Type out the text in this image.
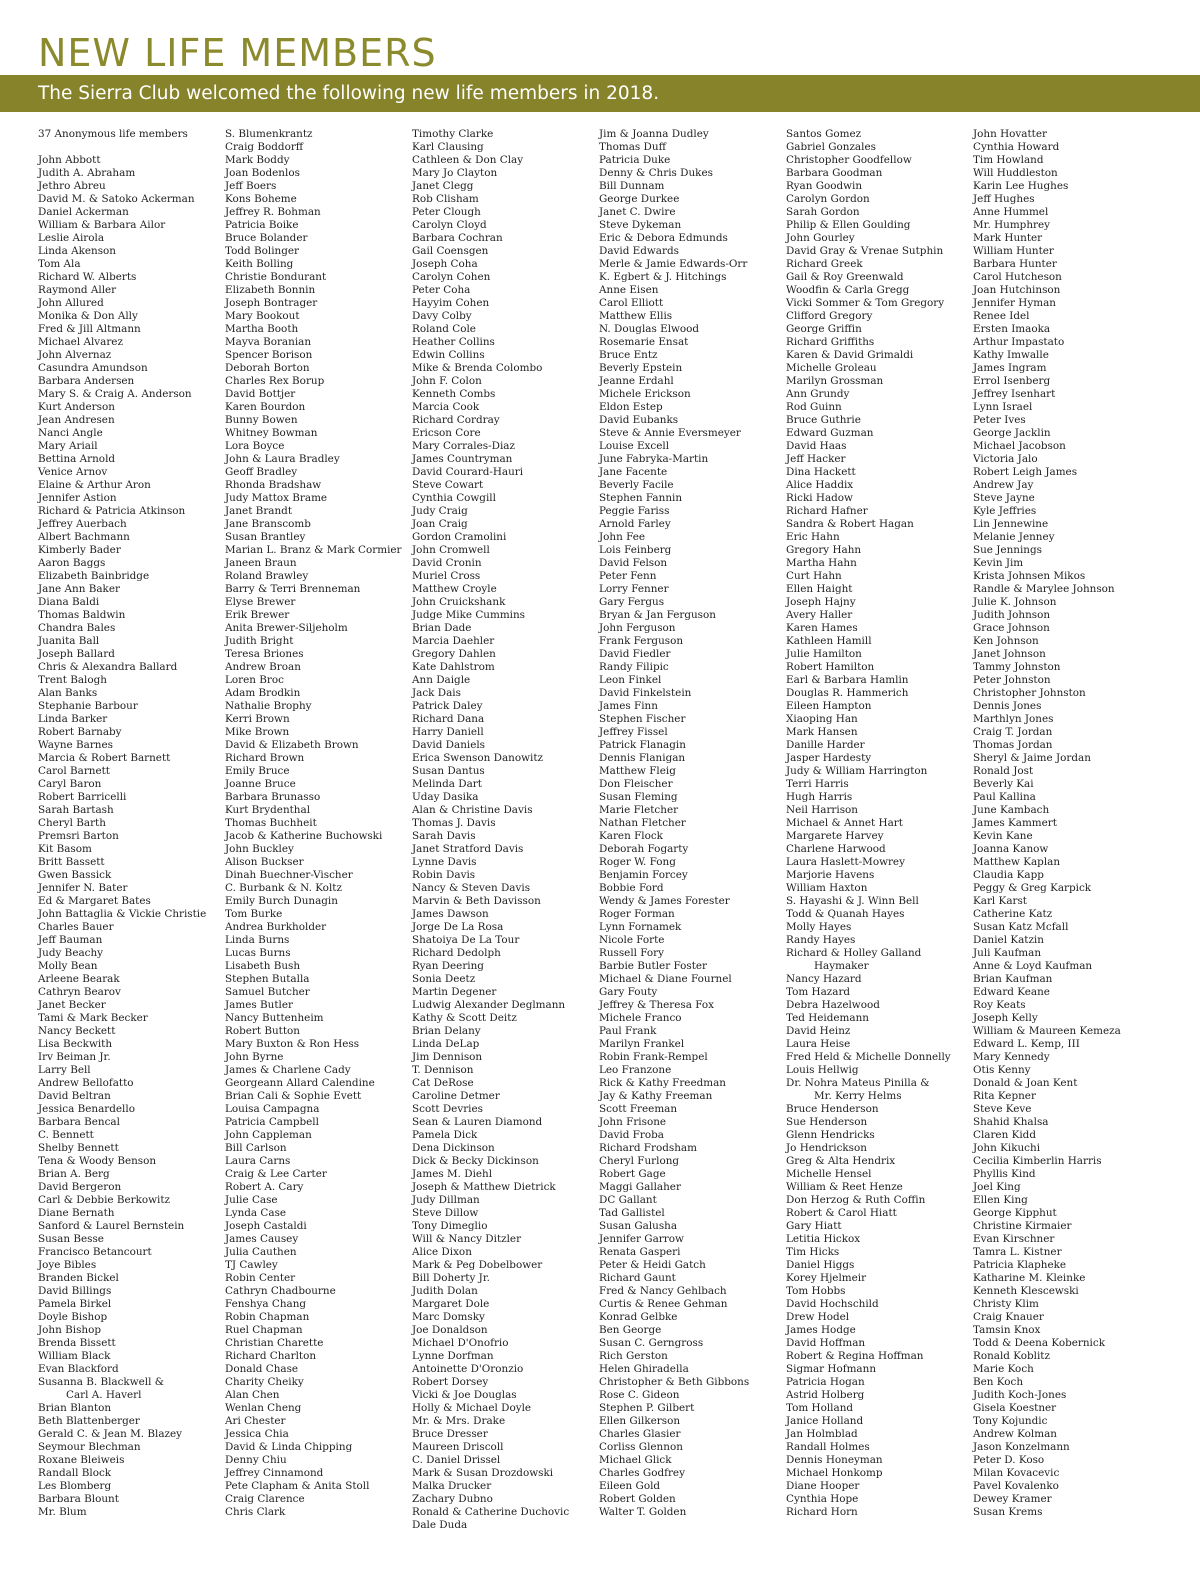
NEW LIFE MEMBERS
The Sierra Club welcomed the following new life members in 2018.
37 Anonymous life members
John Abbott
Judith A. Abraham
Jethro Abreu
David M. & Satoko Ackerman
Daniel Ackerman
William & Barbara Ailor
Leslie Airola
Linda Akenson
Tom Ala
Richard W. Alberts
Raymond Aller
John Allured
Monika & Don Ally
Fred & Jill Altmann
Michael Alvarez
John Alvernaz
Casundra Amundson
Barbara Andersen
Mary S. & Craig A. Anderson
Kurt Anderson
Jean Andresen
Nanci Angle
Mary Ariail
Bettina Arnold
Venice Arnov
Elaine & Arthur Aron
Jennifer Astion
Richard & Patricia Atkinson
Jeffrey Auerbach
Albert Bachmann
Kimberly Bader
Aaron Baggs
Elizabeth Bainbridge
Jane Ann Baker
Diana Baldi
Thomas Baldwin
Chandra Bales
Juanita Ball
Joseph Ballard
Chris & Alexandra Ballard
Trent Balogh
Alan Banks
Stephanie Barbour
Linda Barker
Robert Barnaby
Wayne Barnes
Marcia & Robert Barnett
Carol Barnett
Caryl Baron
Robert Barricelli
Sarah Bartash
Cheryl Barth
Premsri Barton
Kit Basom
Britt Bassett
Gwen Bassick
Jennifer N. Bater
Ed & Margaret Bates
John Battaglia & Vickie Christie
Charles Bauer
Jeff Bauman
Judy Beachy
Molly Bean
Arleene Bearak
Cathryn Bearov
Janet Becker
Tami & Mark Becker
Nancy Beckett
Lisa Beckwith
Irv Beiman Jr.
Larry Bell
Andrew Bellofatto
David Beltran
Jessica Benardello
Barbara Bencal
C. Bennett
Shelby Bennett
Tena & Woody Benson
Brian A. Berg
David Bergeron
Carl & Debbie Berkowitz
Diane Bernath
Sanford & Laurel Bernstein
Susan Besse
Francisco Betancourt
Joye Bibles
Branden Bickel
David Billings
Pamela Birkel
Doyle Bishop
John Bishop
Brenda Bissett
William Black
Evan Blackford
Susanna B. Blackwell &
Carl A. Haverl
Brian Blanton
Beth Blattenberger
Gerald C. & Jean M. Blazey
Seymour Blechman
Roxane Bleiweis
Randall Block
Les Blomberg
Barbara Blount
Mr. Blum
S. Blumenkrantz
Craig Boddorff
Mark Boddy
Joan Bodenlos
Jeff Boers
Kons Boheme
Jeffrey R. Bohman
Patricia Boike
Bruce Bolander
Todd Bolinger
Keith Bolling
Christie Bondurant
Elizabeth Bonnin
Joseph Bontrager
Mary Bookout
Martha Booth
Mayva Boranian
Spencer Borison
Deborah Borton
Charles Rex Borup
David Bottjer
Karen Bourdon
Bunny Bowen
Whitney Bowman
Lora Boyce
John & Laura Bradley
Geoff Bradley
Rhonda Bradshaw
Judy Mattox Brame
Janet Brandt
Jane Branscomb
Susan Brantley
Marian L. Branz & Mark Cormier
Janeen Braun
Roland Brawley
Barry & Terri Brenneman
Elyse Brewer
Erik Brewer
Anita Brewer-Siljeholm
Judith Bright
Teresa Briones
Andrew Broan
Loren Broc
Adam Brodkin
Nathalie Brophy
Kerri Brown
Mike Brown
David & Elizabeth Brown
Richard Brown
Emily Bruce
Joanne Bruce
Barbara Brunasso
Kurt Brydenthal
Thomas Buchheit
Jacob & Katherine Buchowski
John Buckley
Alison Buckser
Dinah Buechner-Vischer
C. Burbank & N. Koltz
Emily Burch Dunagin
Tom Burke
Andrea Burkholder
Linda Burns
Lucas Burns
Lisabeth Bush
Stephen Butalla
Samuel Butcher
James Butler
Nancy Buttenheim
Robert Button
Mary Buxton & Ron Hess
John Byrne
James & Charlene Cady
Georgeann Allard Calendine
Brian Cali & Sophie Evett
Louisa Campagna
Patricia Campbell
John Cappleman
Bill Carlson
Laura Carns
Craig & Lee Carter
Robert A. Cary
Julie Case
Lynda Case
Joseph Castaldi
James Causey
Julia Cauthen
TJ Cawley
Robin Center
Cathryn Chadbourne
Fenshya Chang
Robin Chapman
Ruel Chapman
Christian Charette
Richard Charlton
Donald Chase
Charity Cheiky
Alan Chen
Wenlan Cheng
Ari Chester
Jessica Chia
David & Linda Chipping
Denny Chiu
Jeffrey Cinnamond
Pete Clapham & Anita Stoll
Craig Clarence
Chris Clark
Timothy Clarke
Karl Clausing
Cathleen & Don Clay
Mary Jo Clayton
Janet Clegg
Rob Clisham
Peter Clough
Carolyn Cloyd
Barbara Cochran
Gail Coensgen
Joseph Coha
Carolyn Cohen
Peter Coha
Hayyim Cohen
Davy Colby
Roland Cole
Heather Collins
Edwin Collins
Mike & Brenda Colombo
John F. Colon
Kenneth Combs
Marcia Cook
Richard Cordray
Ericson Core
Mary Corrales-Diaz
James Countryman
David Courard-Hauri
Steve Cowart
Cynthia Cowgill
Judy Craig
Joan Craig
Gordon Cramolini
John Cromwell
David Cronin
Muriel Cross
Matthew Croyle
John Cruickshank
Judge Mike Cummins
Brian Dade
Marcia Daehler
Gregory Dahlen
Kate Dahlstrom
Ann Daigle
Jack Dais
Patrick Daley
Richard Dana
Harry Daniell
David Daniels
Erica Swenson Danowitz
Susan Dantus
Melinda Dart
Uday Dasika
Alan & Christine Davis
Thomas J. Davis
Sarah Davis
Janet Stratford Davis
Lynne Davis
Robin Davis
Nancy & Steven Davis
Marvin & Beth Davisson
James Dawson
Jorge De La Rosa
Shatoiya De La Tour
Richard Dedolph
Ryan Deering
Sonia Deetz
Martin Degener
Ludwig Alexander Deglmann
Kathy & Scott Deitz
Brian Delany
Linda DeLap
Jim Dennison
T. Dennison
Cat DeRose
Caroline Detmer
Scott Devries
Sean & Lauren Diamond
Pamela Dick
Dena Dickinson
Dick & Becky Dickinson
James M. Diehl
Joseph & Matthew Dietrick
Judy Dillman
Steve Dillow
Tony Dimeglio
Will & Nancy Ditzler
Alice Dixon
Mark & Peg Dobelbower
Bill Doherty Jr.
Judith Dolan
Margaret Dole
Marc Domsky
Joe Donaldson
Michael D'Onofrio
Lynne Dorfman
Antoinette D'Oronzio
Robert Dorsey
Vicki & Joe Douglas
Holly & Michael Doyle
Mr. & Mrs. Drake
Bruce Dresser
Maureen Driscoll
C. Daniel Drissel
Mark & Susan Drozdowski
Malka Drucker
Zachary Dubno
Ronald & Catherine Duchovic
Dale Duda
Jim & Joanna Dudley
Thomas Duff
Patricia Duke
Denny & Chris Dukes
Bill Dunnam
George Durkee
Janet C. Dwire
Steve Dykeman
Eric & Debora Edmunds
David Edwards
Merle & Jamie Edwards-Orr
K. Egbert & J. Hitchings
Anne Eisen
Carol Elliott
Matthew Ellis
N. Douglas Elwood
Rosemarie Ensat
Bruce Entz
Beverly Epstein
Jeanne Erdahl
Michele Erickson
Eldon Estep
David Eubanks
Steve & Annie Eversmeyer
Louise Excell
June Fabryka-Martin
Jane Facente
Beverly Facile
Stephen Fannin
Peggie Fariss
Arnold Farley
John Fee
Lois Feinberg
David Felson
Peter Fenn
Lorry Fenner
Gary Fergus
Bryan & Jan Ferguson
John Ferguson
Frank Ferguson
David Fiedler
Randy Filipic
Leon Finkel
David Finkelstein
James Finn
Stephen Fischer
Jeffrey Fissel
Patrick Flanagin
Dennis Flanigan
Matthew Fleig
Don Fleischer
Susan Fleming
Marie Fletcher
Nathan Fletcher
Karen Flock
Deborah Fogarty
Roger W. Fong
Benjamin Forcey
Bobbie Ford
Wendy & James Forester
Roger Forman
Lynn Fornamek
Nicole Forte
Russell Fory
Barbie Butler Foster
Michael & Diane Fournel
Gary Fouty
Jeffrey & Theresa Fox
Michele Franco
Paul Frank
Marilyn Frankel
Robin Frank-Rempel
Leo Franzone
Rick & Kathy Freedman
Jay & Kathy Freeman
Scott Freeman
John Frisone
David Froba
Richard Frodsham
Cheryl Furlong
Robert Gage
Maggi Gallaher
DC Gallant
Tad Gallistel
Susan Galusha
Jennifer Garrow
Renata Gasperi
Peter & Heidi Gatch
Richard Gaunt
Fred & Nancy Gehlbach
Curtis & Renee Gehman
Konrad Gelbke
Ben George
Susan C. Gerngross
Rich Gerston
Helen Ghiradella
Christopher & Beth Gibbons
Rose C. Gideon
Stephen P. Gilbert
Ellen Gilkerson
Charles Glasier
Corliss Glennon
Michael Glick
Charles Godfrey
Eileen Gold
Robert Golden
Walter T. Golden
Santos Gomez
Gabriel Gonzales
Christopher Goodfellow
Barbara Goodman
Ryan Goodwin
Carolyn Gordon
Sarah Gordon
Philip & Ellen Goulding
John Gourley
David Gray & Vrenae Sutphin
Richard Greek
Gail & Roy Greenwald
Woodfin & Carla Gregg
Vicki Sommer & Tom Gregory
Clifford Gregory
George Griffin
Richard Griffiths
Karen & David Grimaldi
Michelle Groleau
Marilyn Grossman
Ann Grundy
Rod Guinn
Bruce Guthrie
Edward Guzman
David Haas
Jeff Hacker
Dina Hackett
Alice Haddix
Ricki Hadow
Richard Hafner
Sandra & Robert Hagan
Eric Hahn
Gregory Hahn
Martha Hahn
Curt Hahn
Ellen Haight
Joseph Hajny
Avery Haller
Karen Hames
Kathleen Hamill
Julie Hamilton
Robert Hamilton
Earl & Barbara Hamlin
Douglas R. Hammerich
Eileen Hampton
Xiaoping Han
Mark Hansen
Danille Harder
Jasper Hardesty
Judy & William Harrington
Terri Harris
Hugh Harris
Neil Harrison
Michael & Annet Hart
Margarete Harvey
Charlene Harwood
Laura Haslett-Mowrey
Marjorie Havens
William Haxton
S. Hayashi & J. Winn Bell
Todd & Quanah Hayes
Molly Hayes
Randy Hayes
Richard & Holley Galland
Haymaker
Nancy Hazard
Tom Hazard
Debra Hazelwood
Ted Heidemann
David Heinz
Laura Heise
Fred Held & Michelle Donnelly
Louis Hellwig
Dr. Nohra Mateus Pinilla &
Mr. Kerry Helms
Bruce Henderson
Sue Henderson
Glenn Hendricks
Jo Hendrickson
Greg & Alta Hendrix
Michelle Hensel
William & Reet Henze
Don Herzog & Ruth Coffin
Robert & Carol Hiatt
Gary Hiatt
Letitia Hickox
Tim Hicks
Daniel Higgs
Korey Hjelmeir
Tom Hobbs
David Hochschild
Drew Hodel
James Hodge
David Hoffman
Robert & Regina Hoffman
Sigmar Hofmann
Patricia Hogan
Astrid Holberg
Tom Holland
Janice Holland
Jan Holmblad
Randall Holmes
Dennis Honeyman
Michael Honkomp
Diane Hooper
Cynthia Hope
Richard Horn
John Hovatter
Cynthia Howard
Tim Howland
Will Huddleston
Karin Lee Hughes
Jeff Hughes
Anne Hummel
Mr. Humphrey
Mark Hunter
William Hunter
Barbara Hunter
Carol Hutcheson
Joan Hutchinson
Jennifer Hyman
Renee Idel
Ersten Imaoka
Arthur Impastato
Kathy Imwalle
James Ingram
Errol Isenberg
Jeffrey Isenhart
Lynn Israel
Peter Ives
George Jacklin
Michael Jacobson
Victoria Jalo
Robert Leigh James
Andrew Jay
Steve Jayne
Kyle Jeffries
Lin Jennewine
Melanie Jenney
Sue Jennings
Kevin Jim
Krista Johnsen Mikos
Randle & Marylee Johnson
Julie K. Johnson
Judith Johnson
Grace Johnson
Ken Johnson
Janet Johnson
Tammy Johnston
Peter Johnston
Christopher Johnston
Dennis Jones
Marthlyn Jones
Craig T. Jordan
Thomas Jordan
Sheryl & Jaime Jordan
Ronald Jost
Beverly Kai
Paul Kallina
June Kambach
James Kammert
Kevin Kane
Joanna Kanow
Matthew Kaplan
Claudia Kapp
Peggy & Greg Karpick
Karl Karst
Catherine Katz
Susan Katz Mcfall
Daniel Katzin
Juli Kaufman
Anne & Loyd Kaufman
Brian Kaufman
Edward Keane
Roy Keats
Joseph Kelly
William & Maureen Kemeza
Edward L. Kemp, III
Mary Kennedy
Otis Kenny
Donald & Joan Kent
Rita Kepner
Steve Keve
Shahid Khalsa
Claren Kidd
John Kikuchi
Cecilia Kimberlin Harris
Phyllis Kind
Joel King
Ellen King
George Kipphut
Christine Kirmaier
Evan Kirschner
Tamra L. Kistner
Patricia Klapheke
Katharine M. Kleinke
Kenneth Klescewski
Christy Klim
Craig Knauer
Tamsin Knox
Todd & Deena Kobernick
Ronald Koblitz
Marie Koch
Ben Koch
Judith Koch-Jones
Gisela Koestner
Tony Kojundic
Andrew Kolman
Jason Konzelmann
Peter D. Koso
Milan Kovacevic
Pavel Kovalenko
Dewey Kramer
Susan Krems
